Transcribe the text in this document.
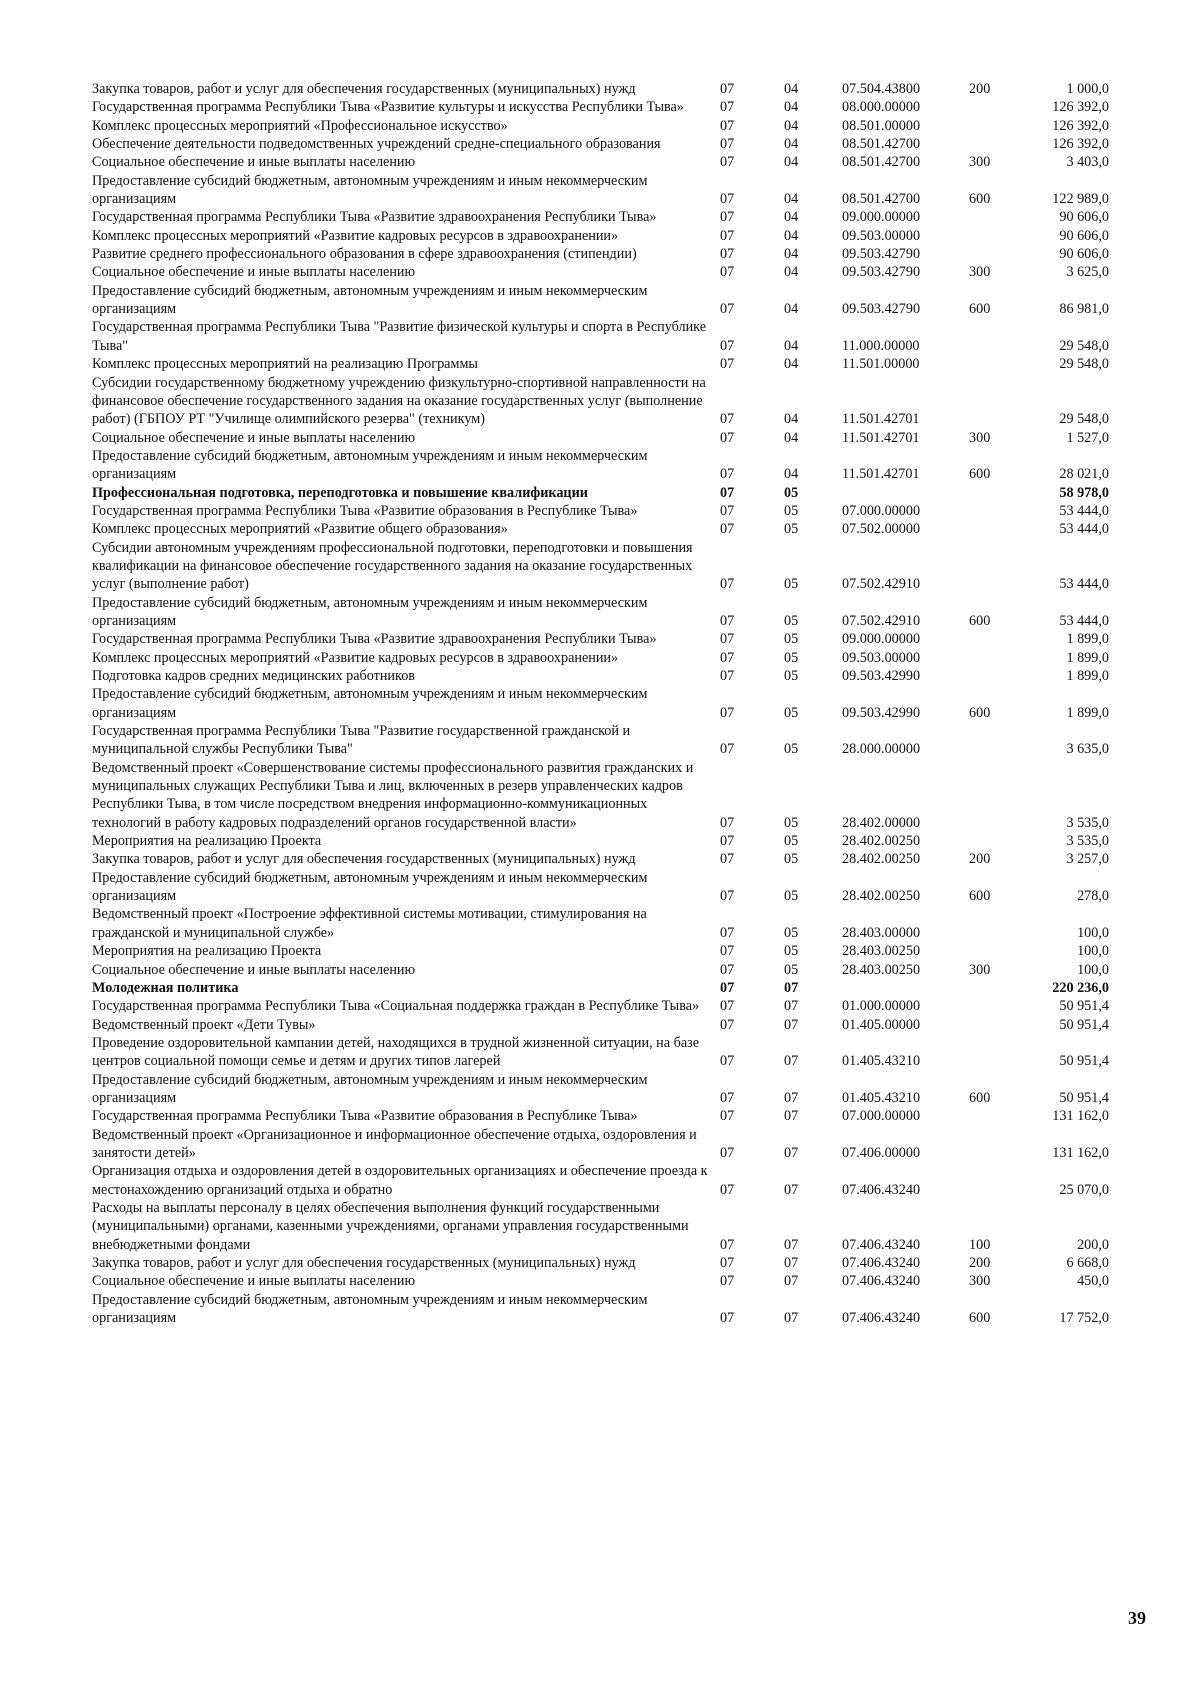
Закупка товаров, работ и услуг для обеспечения государственных (муниципальных) нужд	07	04	07.504.43800	200	1 000,0
Государственная программа Республики Тыва «Развитие культуры и искусства Республики Тыва»	07	04	08.000.00000		126 392,0
Комплекс процессных мероприятий «Профессиональное искусство»	07	04	08.501.00000		126 392,0
Обеспечение деятельности подведомственных учреждений средне-специального образования	07	04	08.501.42700		126 392,0
Социальное обеспечение и иные выплаты населению	07	04	08.501.42700	300	3 403,0
Предоставление субсидий бюджетным, автономным учреждениям и иным некоммерческим организациям	07	04	08.501.42700	600	122 989,0
Государственная программа Республики Тыва «Развитие здравоохранения Республики Тыва»	07	04	09.000.00000		90 606,0
Комплекс процессных мероприятий «Развитие кадровых ресурсов в здравоохранении»	07	04	09.503.00000		90 606,0
Развитие среднего профессионального образования в сфере здравоохранения (стипендии)	07	04	09.503.42790		90 606,0
Социальное обеспечение и иные выплаты населению	07	04	09.503.42790	300	3 625,0
Предоставление субсидий бюджетным, автономным учреждениям и иным некоммерческим организациям	07	04	09.503.42790	600	86 981,0
Государственная программа Республики Тыва "Развитие физической культуры и спорта в Республике Тыва"	07	04	11.000.00000		29 548,0
Комплекс процессных мероприятий на реализацию Программы	07	04	11.501.00000		29 548,0
Субсидии государственному бюджетному учреждению физкультурно-спортивной направленности на финансовое обеспечение государственного задания на оказание государственных услуг (выполнение работ) (ГБПОУ РТ "Училище олимпийского резерва" (техникум)	07	04	11.501.42701		29 548,0
Социальное обеспечение и иные выплаты населению	07	04	11.501.42701	300	1 527,0
Предоставление субсидий бюджетным, автономным учреждениям и иным некоммерческим организациям	07	04	11.501.42701	600	28 021,0
Профессиональная подготовка, переподготовка и повышение квалификации	07	05			58 978,0
Государственная программа Республики Тыва «Развитие образования в Республике Тыва»	07	05	07.000.00000		53 444,0
Комплекс процессных мероприятий «Развитие общего образования»	07	05	07.502.00000		53 444,0
Субсидии автономным учреждениям профессиональной подготовки, переподготовки и повышения квалификации на финансовое обеспечение государственного задания на оказание государственных услуг (выполнение работ)	07	05	07.502.42910		53 444,0
Предоставление субсидий бюджетным, автономным учреждениям и иным некоммерческим организациям	07	05	07.502.42910	600	53 444,0
Государственная программа Республики Тыва «Развитие здравоохранения Республики Тыва»	07	05	09.000.00000		1 899,0
Комплекс процессных мероприятий «Развитие кадровых ресурсов в здравоохранении»	07	05	09.503.00000		1 899,0
Подготовка кадров средних медицинских работников	07	05	09.503.42990		1 899,0
Предоставление субсидий бюджетным, автономным учреждениям и иным некоммерческим организациям	07	05	09.503.42990	600	1 899,0
Государственная программа Республики Тыва "Развитие государственной гражданской и муниципальной службы Республики Тыва"	07	05	28.000.00000		3 635,0
Ведомственный проект «Совершенствование системы профессионального развития гражданских и муниципальных служащих Республики Тыва и лиц, включенных в резерв управленческих кадров Республики Тыва, в том числе посредством внедрения информационно-коммуникационных технологий в работу кадровых подразделений органов государственной власти»	07	05	28.402.00000		3 535,0
Мероприятия на реализацию Проекта	07	05	28.402.00250		3 535,0
Закупка товаров, работ и услуг для обеспечения государственных (муниципальных) нужд	07	05	28.402.00250	200	3 257,0
Предоставление субсидий бюджетным, автономным учреждениям и иным некоммерческим организациям	07	05	28.402.00250	600	278,0
Ведомственный проект «Построение эффективной системы мотивации, стимулирования на гражданской и муниципальной службе»	07	05	28.403.00000		100,0
Мероприятия на реализацию Проекта	07	05	28.403.00250		100,0
Социальное обеспечение и иные выплаты населению	07	05	28.403.00250	300	100,0
Молодежная политика	07	07			220 236,0
Государственная программа Республики Тыва «Социальная поддержка граждан в Республике Тыва»	07	07	01.000.00000		50 951,4
Ведомственный проект «Дети Тувы»	07	07	01.405.00000		50 951,4
Проведение оздоровительной кампании детей, находящихся в трудной жизненной ситуации, на базе центров социальной помощи семье и детям и других типов лагерей	07	07	01.405.43210		50 951,4
Предоставление субсидий бюджетным, автономным учреждениям и иным некоммерческим организациям	07	07	01.405.43210	600	50 951,4
Государственная программа Республики Тыва «Развитие образования в Республике Тыва»	07	07	07.000.00000		131 162,0
Ведомственный проект «Организационное и информационное обеспечение отдыха, оздоровления и занятости детей»	07	07	07.406.00000		131 162,0
Организация отдыха и оздоровления детей в оздоровительных организациях и обеспечение проезда к местонахождению организаций отдыха и обратно	07	07	07.406.43240		25 070,0
Расходы на выплаты персоналу в целях обеспечения выполнения функций государственными (муниципальными) органами, казенными учреждениями, органами управления государственными внебюджетными фондами	07	07	07.406.43240	100	200,0
Закупка товаров, работ и услуг для обеспечения государственных (муниципальных) нужд	07	07	07.406.43240	200	6 668,0
Социальное обеспечение и иные выплаты населению	07	07	07.406.43240	300	450,0
Предоставление субсидий бюджетным, автономным учреждениям и иным некоммерческим организациям	07	07	07.406.43240	600	17 752,0
39
